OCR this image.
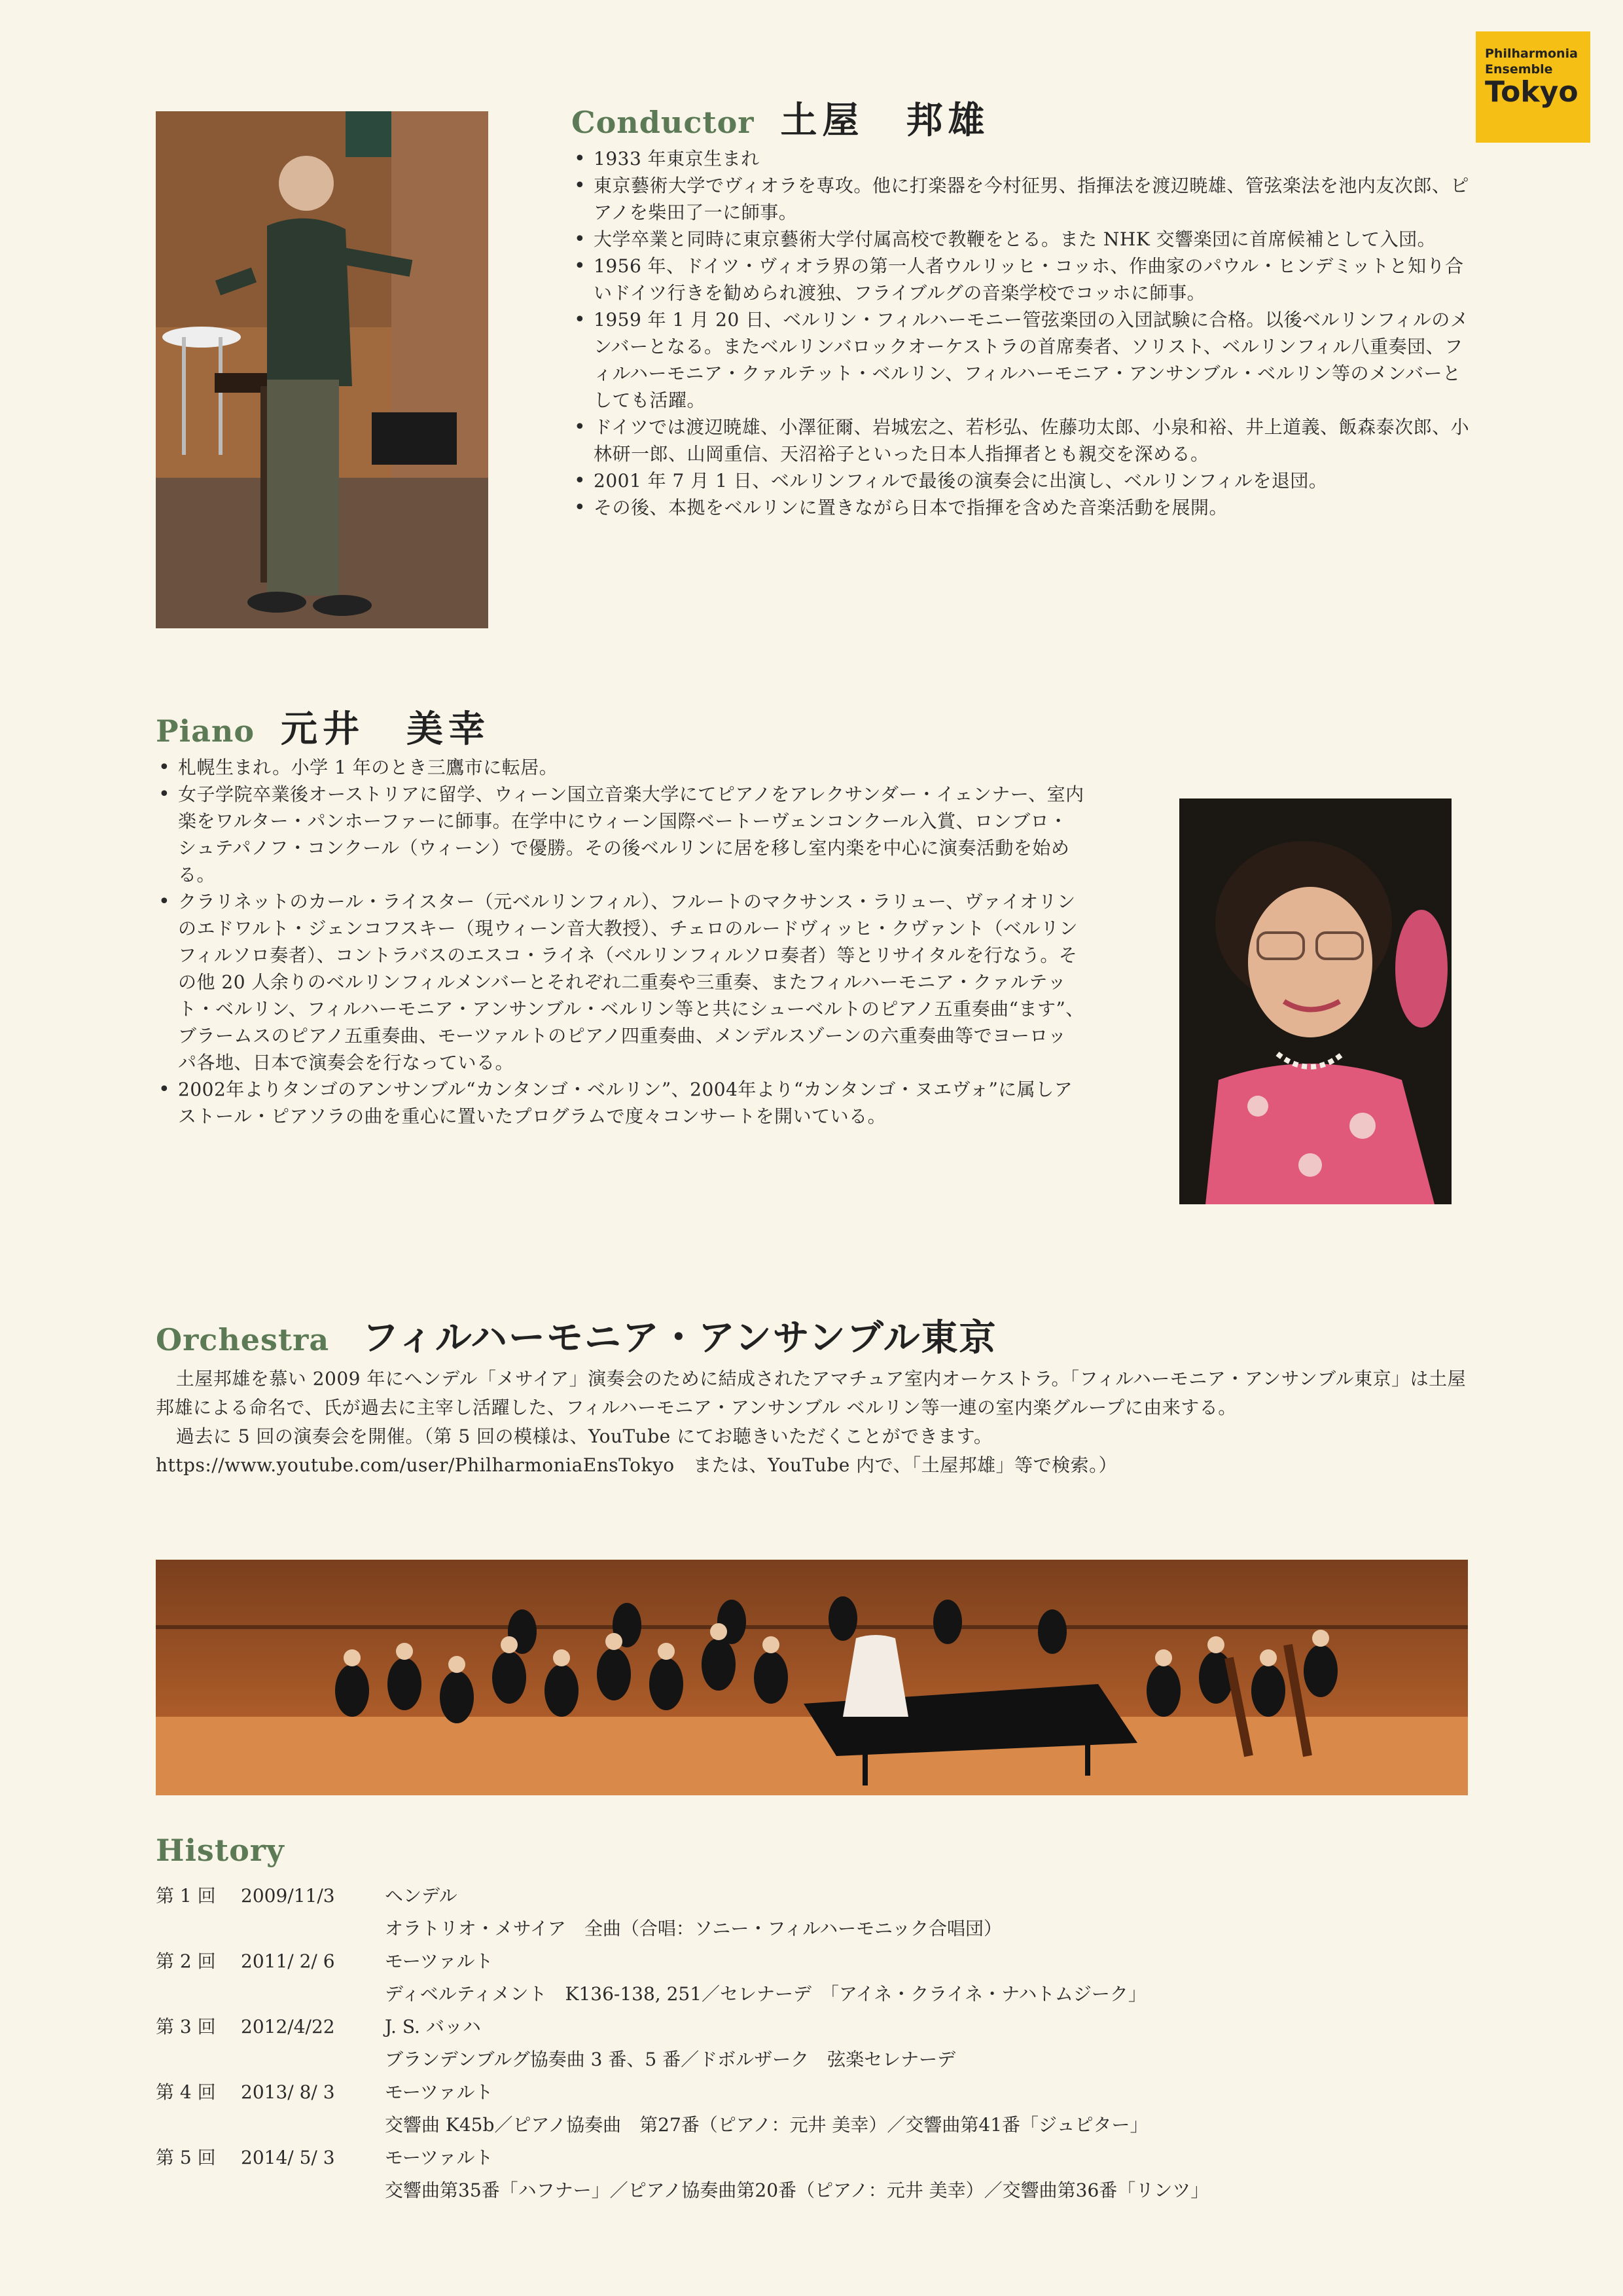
Philharmonia
Ensemble
Tokyo
Conductor 土屋　邦雄
• 1933 年東京生まれ
• 東京藝術大学でヴィオラを専攻。他に打楽器を今村征男、指揮法を渡辺暁雄、管弦楽法を池内友次郎、ピアノを柴田了一に師事。
• 大学卒業と同時に東京藝術大学付属高校で教鞭をとる。また NHK 交響楽団に首席候補として入団。
• 1956 年、ドイツ・ヴィオラ界の第一人者ウルリッヒ・コッホ、作曲家のパウル・ヒンデミットと知り合いドイツ行きを勧められ渡独、フライブルグの音楽学校でコッホに師事。
• 1959 年 1 月 20 日、ベルリン・フィルハーモニー管弦楽団の入団試験に合格。以後ベルリンフィルのメンバーとなる。またベルリンバロックオーケストラの首席奏者、ソリスト、ベルリンフィル八重奏団、フィルハーモニア・クァルテット・ベルリン、フィルハーモニア・アンサンブル・ベルリン等のメンバーとしても活躍。
• ドイツでは渡辺暁雄、小澤征爾、岩城宏之、若杉弘、佐藤功太郎、小泉和裕、井上道義、飯森泰次郎、小林研一郎、山岡重信、天沼裕子といった日本人指揮者とも親交を深める。
• 2001 年 7 月 1 日、ベルリンフィルで最後の演奏会に出演し、ベルリンフィルを退団。
• その後、本拠をベルリンに置きながら日本で指揮を含めた音楽活動を展開。
Piano 元井　美幸
• 札幌生まれ。小学 1 年のとき三鷹市に転居。
• 女子学院卒業後オーストリアに留学、ウィーン国立音楽大学にてピアノをアレクサンダー・イェンナー、室内楽をワルター・パンホーファーに師事。在学中にウィーン国際ベートーヴェンコンクール入賞、ロンブロ・シュテパノフ・コンクール（ウィーン）で優勝。その後ベルリンに居を移し室内楽を中心に演奏活動を始める。
• クラリネットのカール・ライスター（元ベルリンフィル）、フルートのマクサンス・ラリュー、ヴァイオリンのエドワルト・ジェンコフスキー（現ウィーン音大教授）、チェロのルードヴィッヒ・クヴァント（ベルリンフィルソロ奏者）、コントラバスのエスコ・ライネ（ベルリンフィルソロ奏者）等とリサイタルを行なう。その他 20 人余りのベルリンフィルメンバーとそれぞれ二重奏や三重奏、またフィルハーモニア・クァルテット・ベルリン、フィルハーモニア・アンサンブル・ベルリン等と共にシューベルトのピアノ五重奏曲“ます”、ブラームスのピアノ五重奏曲、モーツァルトのピアノ四重奏曲、メンデルスゾーンの六重奏曲等でヨーロッパ各地、日本で演奏会を行なっている。
• 2002年よりタンゴのアンサンブル“カンタンゴ・ベルリン”、2004年より“カンタンゴ・ヌエヴォ”に属しアストール・ピアソラの曲を重心に置いたプログラムで度々コンサートを開いている。
Orchestra フィルハーモニア・アンサンブル東京

土屋邦雄を慕い 2009 年にヘンデル「メサイア」演奏会のために結成されたアマチュア室内オーケストラ。「フィルハーモニア・アンサンブル東京」は土屋邦雄による命名で、氏が過去に主宰し活躍した、フィルハーモニア・アンサンブル ベルリン等一連の室内楽グループに由来する。

過去に 5 回の演奏会を開催。（第 5 回の模様は、YouTube にてお聴きいただくことができます。

https://www.youtube.com/user/PhilharmoniaEnsTokyo　または、YouTube 内で、「土屋邦雄」等で検索。）

History
第 1 回	2009/11/3	ヘンデル
オラトリオ・メサイア　全曲（合唱：ソニー・フィルハーモニック合唱団）
第 2 回	2011/ 2/ 6	モーツァルト
ディベルティメント　K136-138, 251／セレナーデ　「アイネ・クライネ・ナハトムジーク」
第 3 回	2012/4/22	J. S. バッハ
ブランデンブルグ協奏曲 3 番、5 番／ドボルザーク　弦楽セレナーデ
第 4 回	2013/ 8/ 3	モーツァルト
交響曲 K45b／ピアノ協奏曲　第27番（ピアノ：元井 美幸）／交響曲第41番「ジュピター」
第 5 回	2014/ 5/ 3	モーツァルト
交響曲第35番「ハフナー」／ピアノ協奏曲第20番（ピアノ：元井 美幸）／交響曲第36番「リンツ」
